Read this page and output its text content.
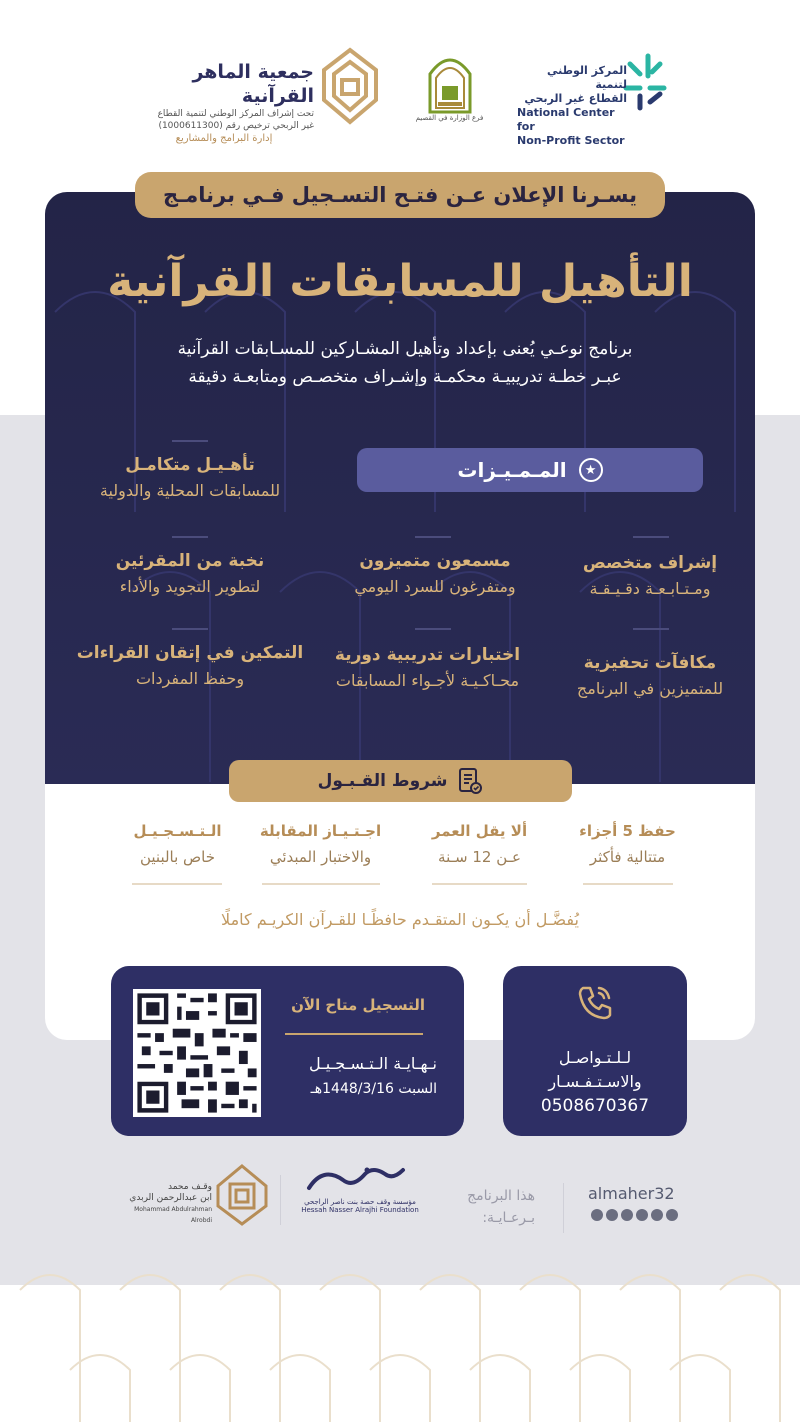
المركز الوطني لتنمية
القطاع غير الربحي
National Center for
Non-Profit Sector
فرع الوزارة في القصيم
جمعية الماهر القرآنية
تحت إشراف المركز الوطني لتنمية القطاع
غير الربحي ترخيص رقم (1000611300)
إدارة البرامج والمشاريع
يسـرنا الإعلان عـن فتـح التسـجيل فـي برنامـج
التأهيل للمسابقات القرآنية
برنامج نوعـي يُعنى بإعداد وتأهيل المشـاركين للمسـابقات القرآنية
عبـر خطـة تدريبيـة محكمـة وإشـراف متخصـص ومتابعـة دقيقة
★
المـمـيـزات
تأهـيـل متكامـل
للمسابقات المحلية والدولية
إشراف متخصص
ومـتـابـعـة دقـيـقـة
مسمعون متميزون
ومتفرغون للسرد اليومي
نخبة من المقرئين
لتطوير التجويد والأداء
مكافآت تحفيزية
للمتميزين في البرنامج
اختبارات تدريبية دورية
محـاكـيـة لأجـواء المسابقات
التمكين في إتقان القراءات
وحفظ المفردات
شروط القـبـول
حفظ 5 أجزاء
متتالية فأكثر
ألا يقل العمر
عـن 12 سـنة
اجـتـيـاز المقابلة
والاختبار المبدئي
الـتـسـجـيـل
خاص بالبنين
يُفضَّـل أن يكـون المتقـدم حافظًـا للقـرآن الكريـم كاملًا
التسجيل متاح الآن
نـهـايـة الـتـسـجـيـل
السبت 1448/3/16هـ
لـلـتـواصـل
والاسـتـفـسـار
0508670367
almaher32
هذا البرنامج
بـرعـايـة:
مؤسسة وقف حصة بنت ناصر الراجحي
Hessah Nasser Alrajhi Foundation
وقـف محمد
ابن عبدالرحمن الربدي
Mohammad Abdulrahman Alrobdi
